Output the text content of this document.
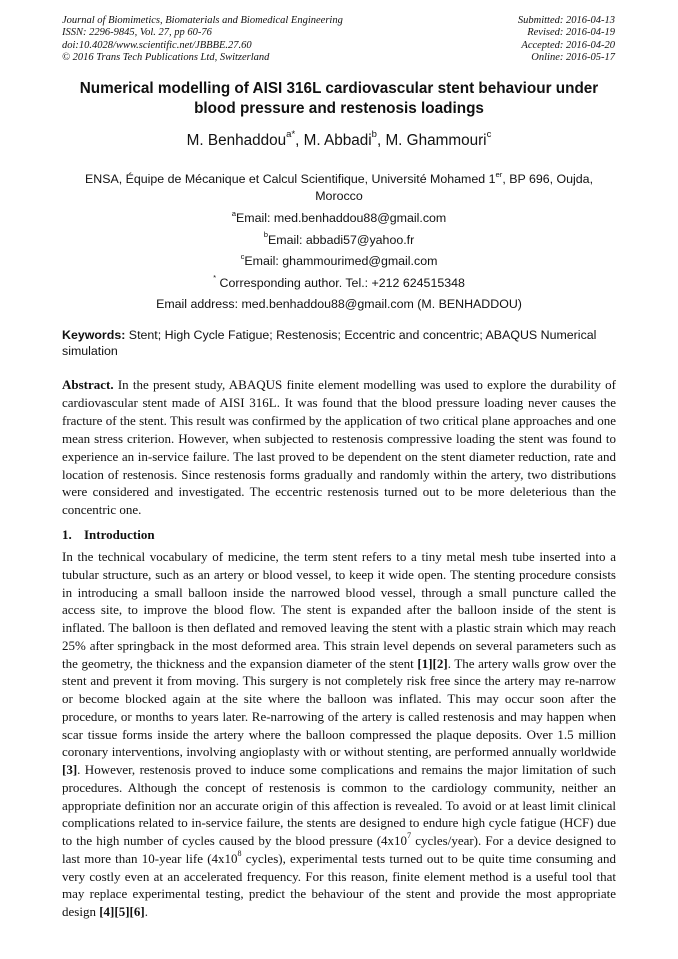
Journal of Biomimetics, Biomaterials and Biomedical Engineering
ISSN: 2296-9845, Vol. 27, pp 60-76
doi:10.4028/www.scientific.net/JBBBE.27.60
© 2016 Trans Tech Publications Ltd, Switzerland
Submitted: 2016-04-13
Revised: 2016-04-19
Accepted: 2016-04-20
Online: 2016-05-17
Numerical modelling of AISI 316L cardiovascular stent behaviour under blood pressure and restenosis loadings
M. Benhaddou$^{a*}$, M. Abbadi$^b$, M. Ghammouri$^c$
ENSA, Équipe de Mécanique et Calcul Scientifique, Université Mohamed 1er, BP 696, Oujda, Morocco
$^a$Email: med.benhaddou88@gmail.com
$^b$Email: abbadi57@yahoo.fr
$^c$Email: ghammourimed@gmail.com
* Corresponding author. Tel.: +212 624515348
Email address: med.benhaddou88@gmail.com (M. BENHADDOU)
Keywords: Stent; High Cycle Fatigue; Restenosis; Eccentric and concentric; ABAQUS Numerical simulation
Abstract. In the present study, ABAQUS finite element modelling was used to explore the durability of cardiovascular stent made of AISI 316L. It was found that the blood pressure loading never causes the fracture of the stent. This result was confirmed by the application of two critical plane approaches and one mean stress criterion. However, when subjected to restenosis compressive loading the stent was found to experience an in-service failure. The last proved to be dependent on the stent diameter reduction, rate and location of restenosis. Since restenosis forms gradually and randomly within the artery, two distributions were considered and investigated. The eccentric restenosis turned out to be more deleterious than the concentric one.
1. Introduction
In the technical vocabulary of medicine, the term stent refers to a tiny metal mesh tube inserted into a tubular structure, such as an artery or blood vessel, to keep it wide open. The stenting procedure consists in introducing a small balloon inside the narrowed blood vessel, through a small puncture called the access site, to improve the blood flow. The stent is expanded after the balloon inside of the stent is inflated. The balloon is then deflated and removed leaving the stent with a plastic strain which may reach 25% after springback in the most deformed area. This strain level depends on several parameters such as the geometry, the thickness and the expansion diameter of the stent [1][2]. The artery walls grow over the stent and prevent it from moving. This surgery is not completely risk free since the artery may re-narrow or become blocked again at the site where the balloon was inflated. This may occur soon after the procedure, or months to years later. Re-narrowing of the artery is called restenosis and may happen when scar tissue forms inside the artery where the balloon compressed the plaque deposits. Over 1.5 million coronary interventions, involving angioplasty with or without stenting, are performed annually worldwide [3]. However, restenosis proved to induce some complications and remains the major limitation of such procedures. Although the concept of restenosis is common to the cardiology community, neither an appropriate definition nor an accurate origin of this affection is revealed. To avoid or at least limit clinical complications related to in-service failure, the stents are designed to endure high cycle fatigue (HCF) due to the high number of cycles caused by the blood pressure ($4x10^7$ cycles/year). For a device designed to last more than 10-year life ($4x10^8$ cycles), experimental tests turned out to be quite time consuming and very costly even at an accelerated frequency. For this reason, finite element method is a useful tool that may replace experimental testing, predict the behaviour of the stent and provide the most appropriate design [4][5][6].
